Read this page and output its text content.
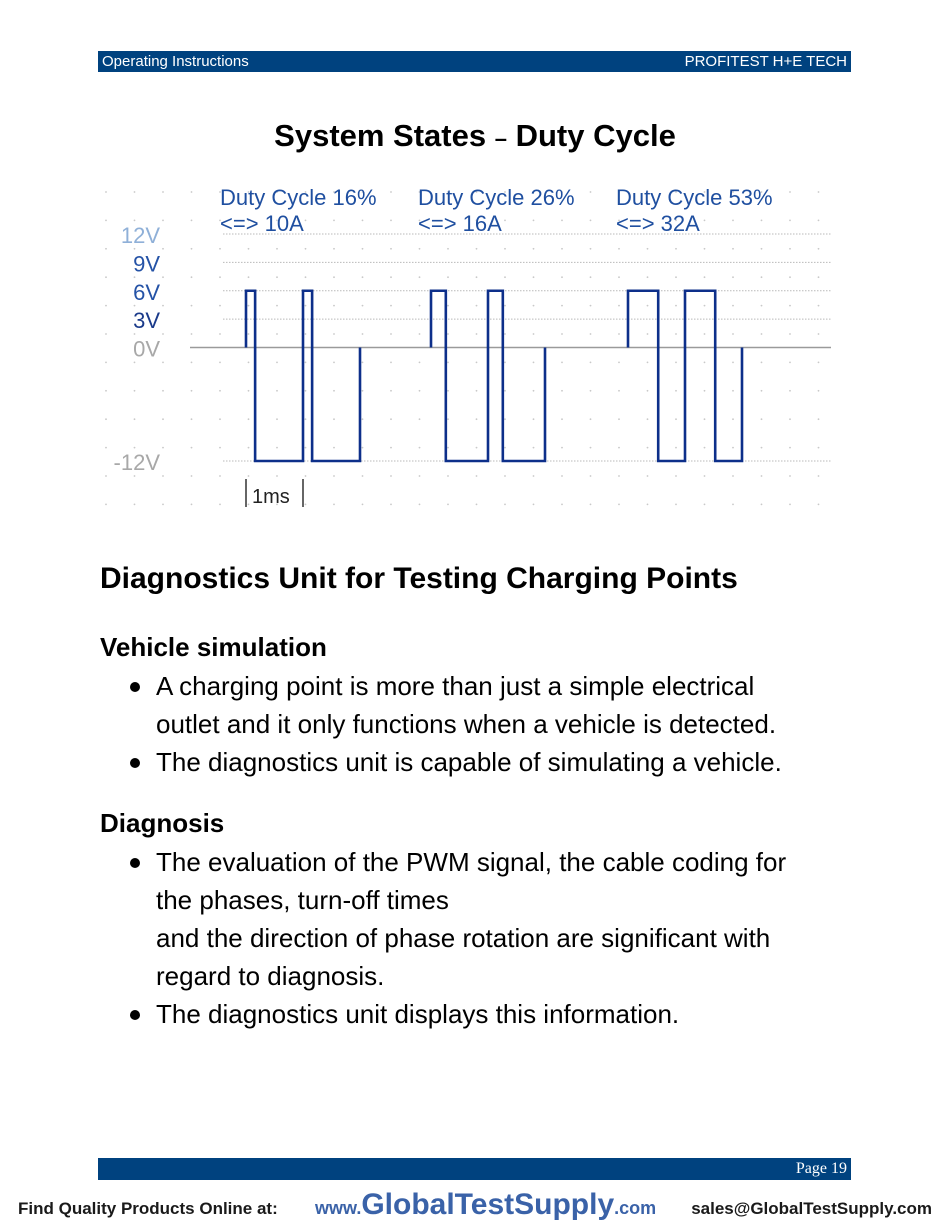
Operating Instructions	PROFITEST H+E TECH
System States – Duty Cycle
12V
9V
6V
3V
0V
-12V
Duty Cycle 16%
<=> 10A
Duty Cycle 26%
<=> 16A
Duty Cycle 53%
<=> 32A
1ms
Diagnostics Unit for Testing Charging Points
Vehicle simulation
A charging point is more than just a simple electrical
outlet and it only functions when a vehicle is detected.
The diagnostics unit is capable of simulating a vehicle.
Diagnosis
The evaluation of the PWM signal, the cable coding for
the phases, turn-off times
and the direction of phase rotation are significant with
regard to diagnosis.
The diagnostics unit displays this information.
Page 19
Find Quality Products Online at: www.GlobalTestSupply.com sales@GlobalTestSupply.com
